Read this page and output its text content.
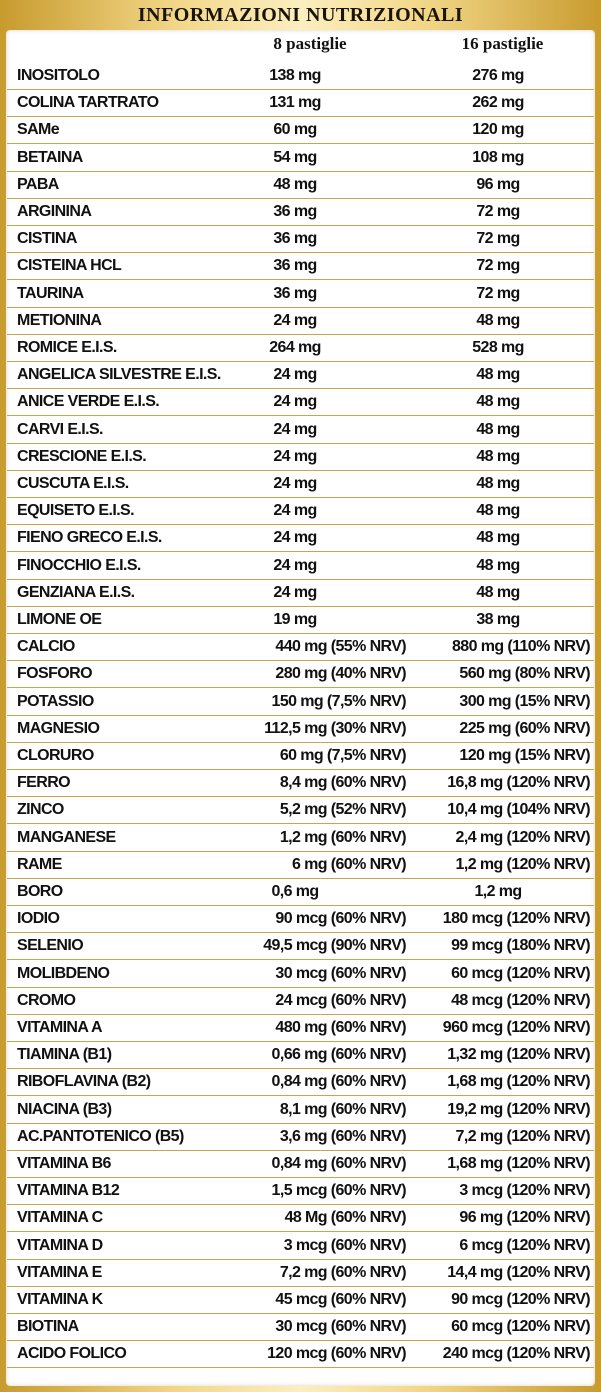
INFORMAZIONI NUTRIZIONALI
8 pastiglie	16 pastiglie
INOSITOLO	138 mg	276 mg
COLINA TARTRATO	131 mg	262 mg
SAMe	60 mg	120 mg
BETAINA	54 mg	108 mg
PABA	48 mg	96 mg
ARGININA	36 mg	72 mg
CISTINA	36 mg	72 mg
CISTEINA HCL	36 mg	72 mg
TAURINA	36 mg	72 mg
METIONINA	24 mg	48 mg
ROMICE E.I.S.	264 mg	528 mg
ANGELICA SILVESTRE E.I.S.	24 mg	48 mg
ANICE VERDE E.I.S.	24 mg	48 mg
CARVI E.I.S.	24 mg	48 mg
CRESCIONE E.I.S.	24 mg	48 mg
CUSCUTA E.I.S.	24 mg	48 mg
EQUISETO E.I.S.	24 mg	48 mg
FIENO GRECO E.I.S.	24 mg	48 mg
FINOCCHIO E.I.S.	24 mg	48 mg
GENZIANA E.I.S.	24 mg	48 mg
LIMONE OE	19 mg	38 mg
CALCIO	440 mg (55% NRV)	880 mg (110% NRV)
FOSFORO	280 mg (40% NRV)	560 mg (80% NRV)
POTASSIO	150 mg (7,5% NRV)	300 mg (15% NRV)
MAGNESIO	112,5 mg (30% NRV)	225 mg (60% NRV)
CLORURO	60 mg (7,5% NRV)	120 mg (15% NRV)
FERRO	8,4 mg (60% NRV)	16,8 mg (120% NRV)
ZINCO	5,2 mg (52% NRV)	10,4 mg (104% NRV)
MANGANESE	1,2 mg (60% NRV)	2,4 mg (120% NRV)
RAME	6 mg (60% NRV)	1,2 mg (120% NRV)
BORO	0,6 mg	1,2 mg
IODIO	90 mcg (60% NRV)	180 mcg (120% NRV)
SELENIO	49,5 mcg (90% NRV)	99 mcg (180% NRV)
MOLIBDENO	30 mcg (60% NRV)	60 mcg (120% NRV)
CROMO	24 mcg (60% NRV)	48 mcg (120% NRV)
VITAMINA A	480 mg (60% NRV)	960 mcg (120% NRV)
TIAMINA (B1)	0,66 mg (60% NRV)	1,32 mg (120% NRV)
RIBOFLAVINA (B2)	0,84 mg (60% NRV)	1,68 mg (120% NRV)
NIACINA (B3)	8,1 mg (60% NRV)	19,2 mg (120% NRV)
AC.PANTOTENICO (B5)	3,6 mg (60% NRV)	7,2 mg (120% NRV)
VITAMINA B6	0,84 mg (60% NRV)	1,68 mg (120% NRV)
VITAMINA B12	1,5 mcg (60% NRV)	3 mcg (120% NRV)
VITAMINA C	48 Mg (60% NRV)	96 mg (120% NRV)
VITAMINA D	3 mcg (60% NRV)	6 mcg (120% NRV)
VITAMINA E	7,2 mg (60% NRV)	14,4 mg (120% NRV)
VITAMINA K	45 mcg (60% NRV)	90 mcg (120% NRV)
BIOTINA	30 mcg (60% NRV)	60 mcg (120% NRV)
ACIDO FOLICO	120 mcg (60% NRV)	240 mcg (120% NRV)
